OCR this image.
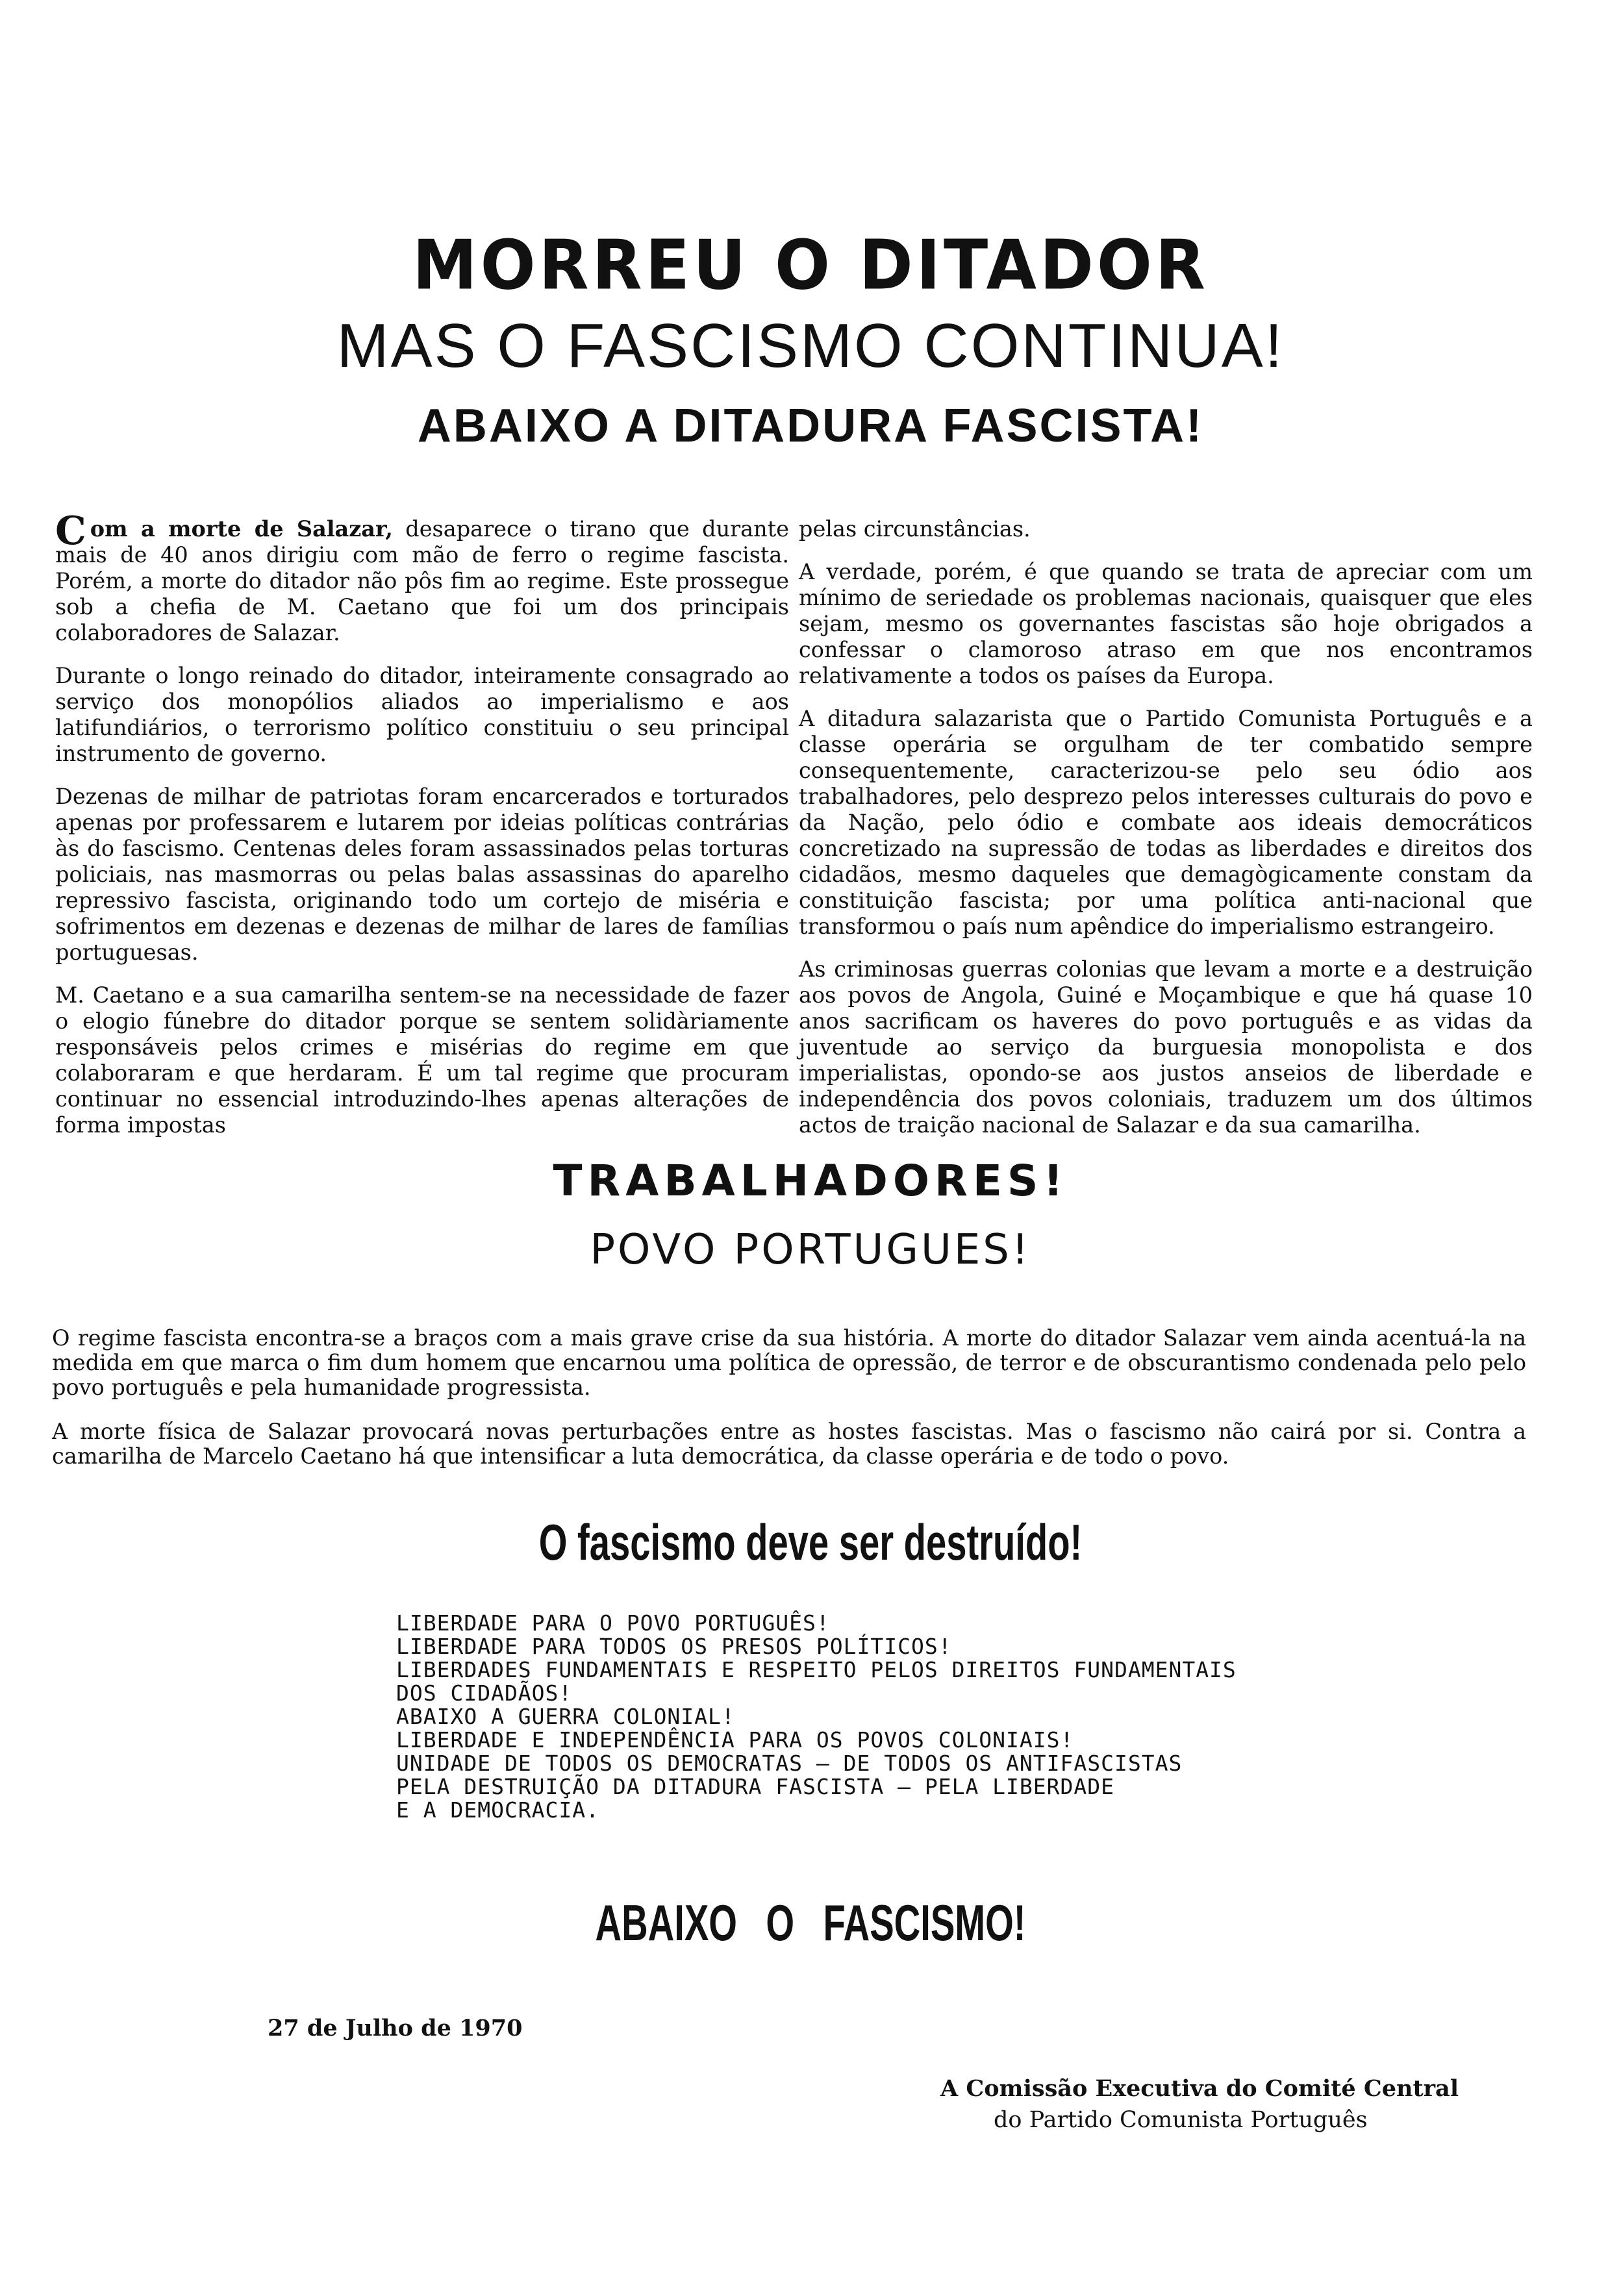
MORREU O DITADOR
MAS O FASCISMO CONTINUA!
ABAIXO A DITADURA FASCISTA!

Com a morte de Salazar, desaparece o tirano que durante mais de 40 anos dirigiu com mão de ferro o regime fascista. Porém, a morte do ditador não pôs fim ao regime. Este prossegue sob a chefia de M. Caetano que foi um dos principais colaboradores de Salazar.

Durante o longo reinado do ditador, inteiramente consagrado ao serviço dos monopólios aliados ao imperialismo e aos latifundiários, o terrorismo político constituiu o seu principal instrumento de governo.

Dezenas de milhar de patriotas foram encarcerados e torturados apenas por professarem e lutarem por ideias políticas contrárias às do fascismo. Centenas deles foram assassinados pelas torturas policiais, nas masmorras ou pelas balas assassinas do aparelho repressivo fascista, originando todo um cortejo de miséria e sofrimentos em dezenas e dezenas de milhar de lares de famílias portuguesas.

M. Caetano e a sua camarilha sentem-se na necessidade de fazer o elogio fúnebre do ditador porque se sentem solidàriamente responsáveis pelos crimes e misérias do regime em que colaboraram e que herdaram. É um tal regime que procuram continuar no essencial introduzindo-lhes apenas alterações de forma impostas

pelas circunstâncias.

A verdade, porém, é que quando se trata de apreciar com um mínimo de seriedade os problemas nacionais, quaisquer que eles sejam, mesmo os governantes fascistas são hoje obrigados a confessar o clamoroso atraso em que nos encontramos relativamente a todos os países da Europa.

A ditadura salazarista que o Partido Comunista Português e a classe operária se orgulham de ter combatido sempre consequentemente, caracterizou-se pelo seu ódio aos trabalhadores, pelo desprezo pelos interesses culturais do povo e da Nação, pelo ódio e combate aos ideais democráticos concretizado na supressão de todas as liberdades e direitos dos cidadãos, mesmo daqueles que demagògicamente constam da constituição fascista; por uma política anti-nacional que transformou o país num apêndice do imperialismo estrangeiro.

As criminosas guerras colonias que levam a morte e a destruição aos povos de Angola, Guiné e Moçambique e que há quase 10 anos sacrificam os haveres do povo português e as vidas da juventude ao serviço da burguesia monopolista e dos imperialistas, opondo-se aos justos anseios de liberdade e independência dos povos coloniais, traduzem um dos últimos actos de traição nacional de Salazar e da sua camarilha.

TRABALHADORES!
POVO PORTUGUES!
O regime fascista encontra-se a braços com a mais grave crise da sua história. A morte do ditador Salazar vem ainda acentuá-la na medida em que marca o fim dum homem que encarnou uma política de opressão, de terror e de obscurantismo condenada pelo pelo povo português e pela humanidade progressista.
A morte física de Salazar provocará novas perturbações entre as hostes fascistas. Mas o fascismo não cairá por si. Contra a camarilha de Marcelo Caetano há que intensificar a luta democrática, da classe operária e de todo o povo.
O fascismo deve ser destruído!
LIBERDADE PARA O POVO PORTUGUÊS!
LIBERDADE PARA TODOS OS PRESOS POLÍTICOS!
LIBERDADES FUNDAMENTAIS E RESPEITO PELOS DIREITOS FUNDAMENTAIS
DOS CIDADÃOS!
ABAIXO A GUERRA COLONIAL!
LIBERDADE E INDEPENDÊNCIA PARA OS POVOS COLONIAIS!
UNIDADE DE TODOS OS DEMOCRATAS — DE TODOS OS ANTIFASCISTAS
PELA DESTRUIÇÃO DA DITADURA FASCISTA — PELA LIBERDADE
E A DEMOCRACIA.
ABAIXO O FASCISMO!
27 de Julho de 1970
A Comissão Executiva do Comité Central
do Partido Comunista Português
